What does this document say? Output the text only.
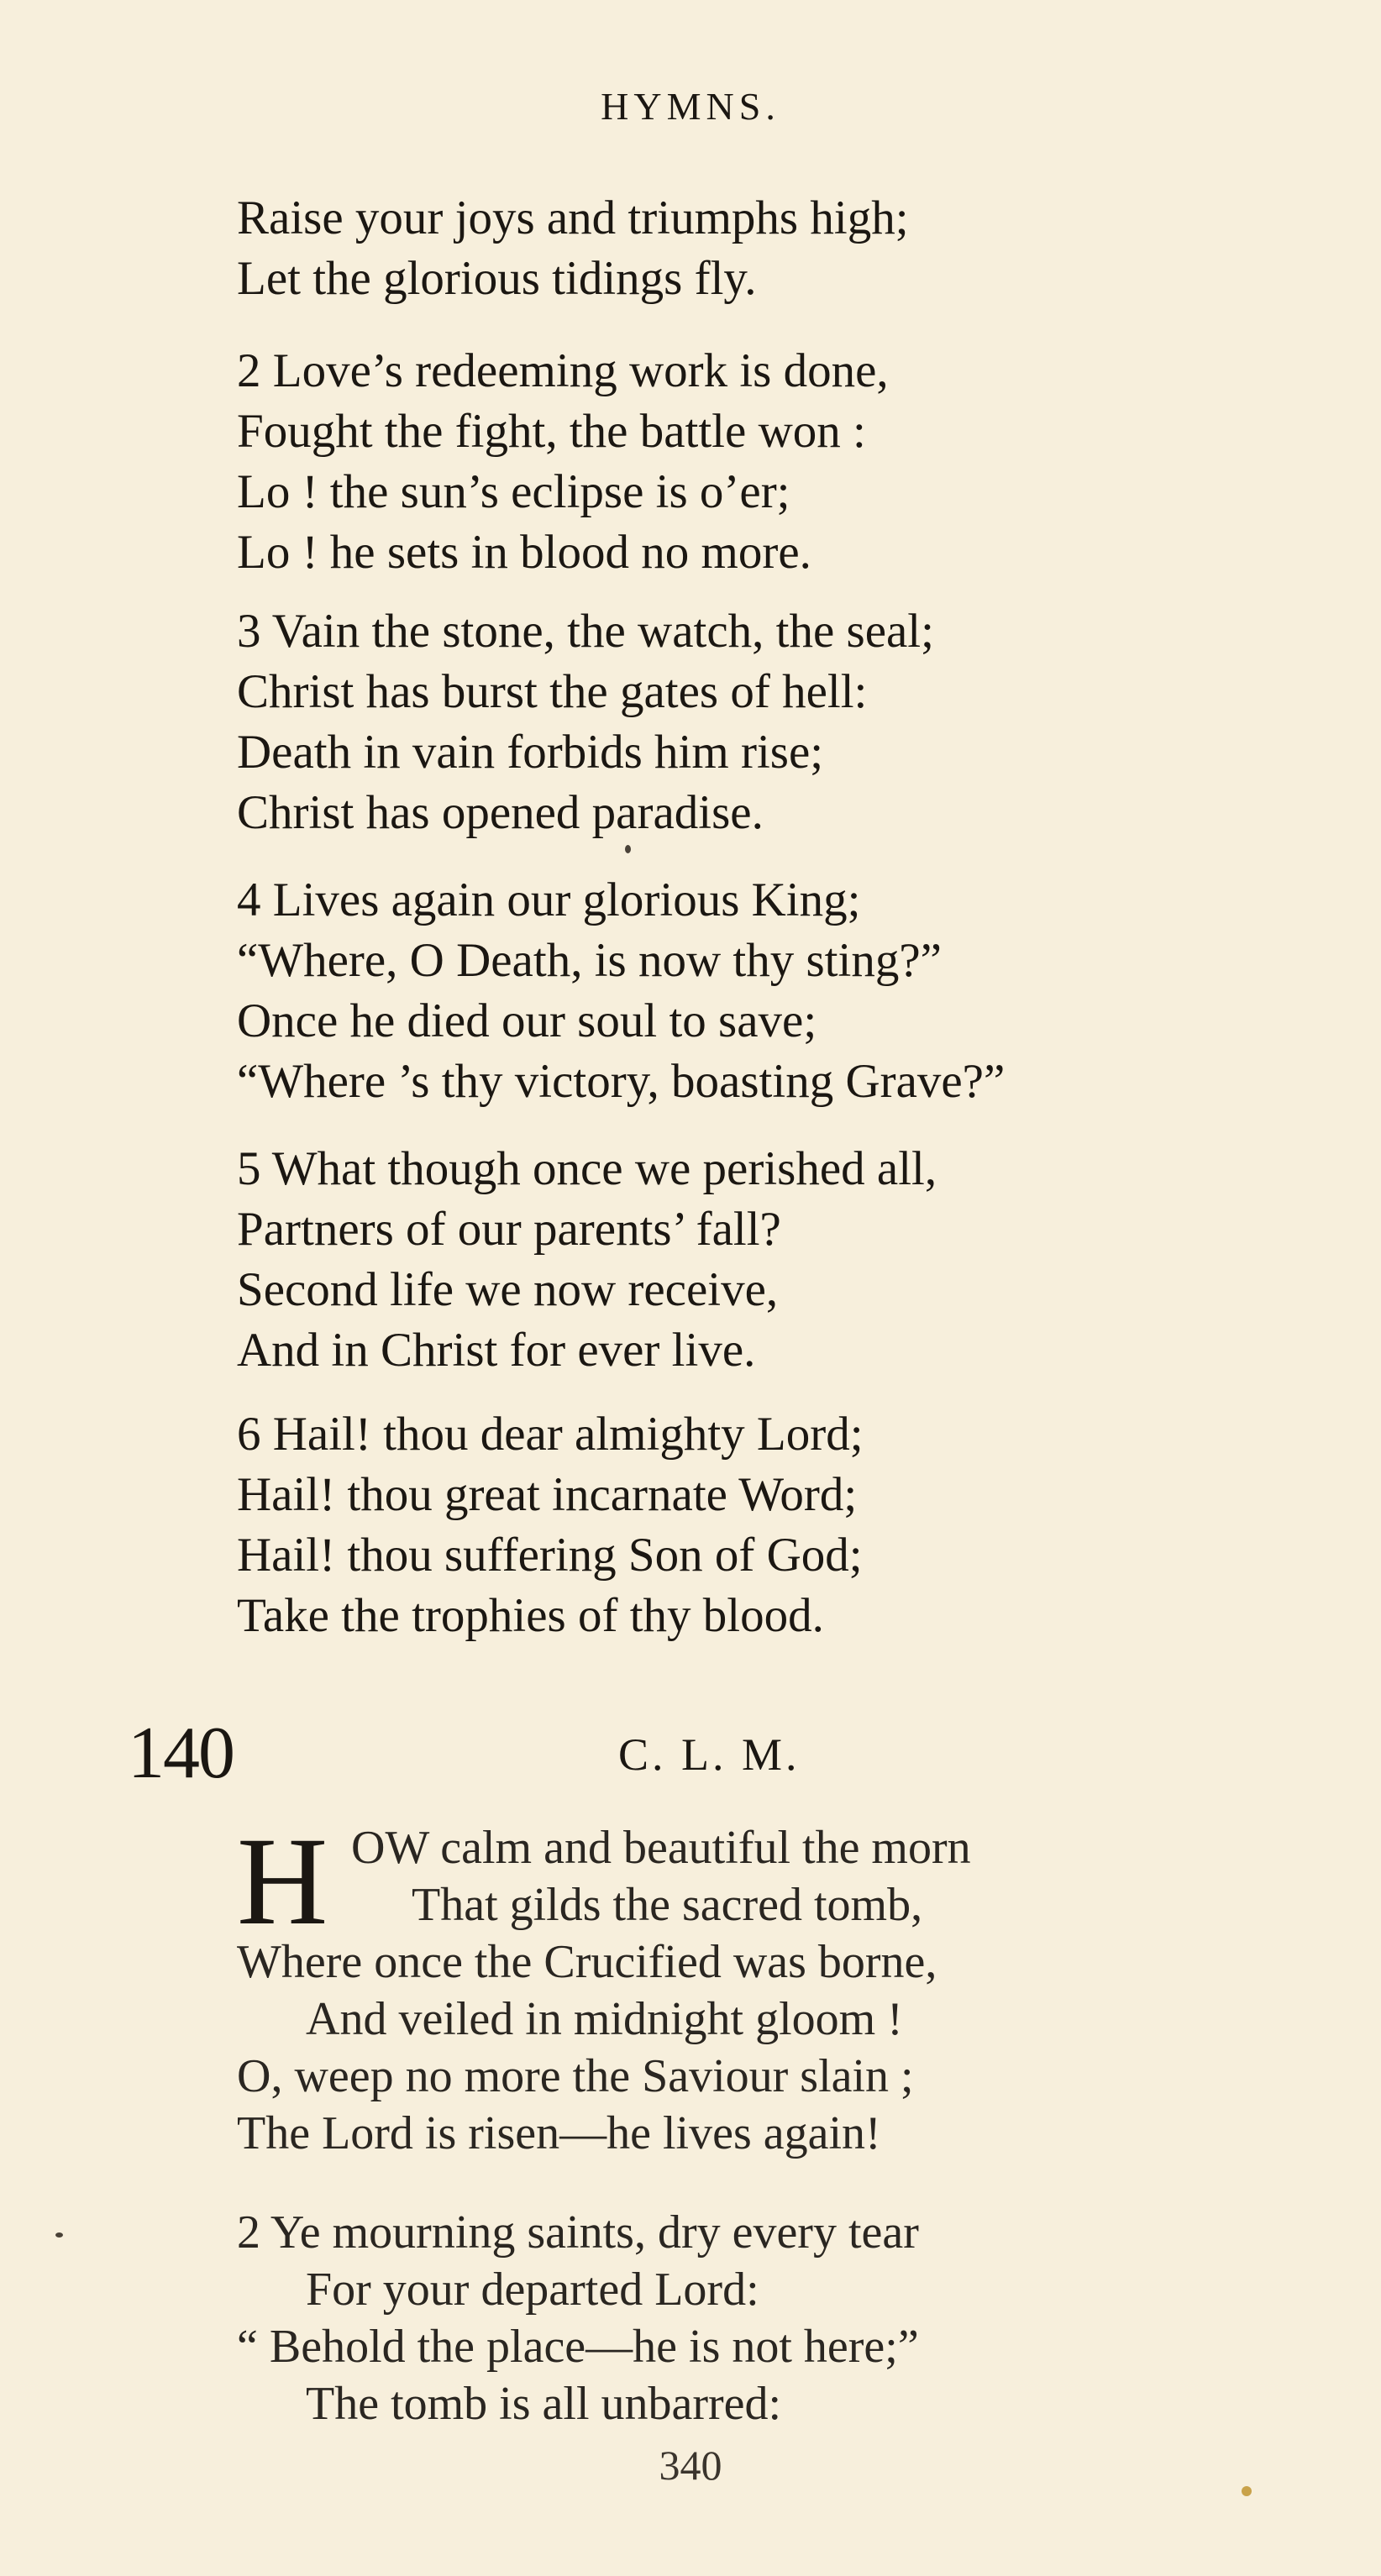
HYMNS.
Raise your joys and triumphs high;
Let the glorious tidings fly.
2 Love’s redeeming work is done,
Fought the fight, the battle won :
Lo ! the sun’s eclipse is o’er;
Lo ! he sets in blood no more.
3 Vain the stone, the watch, the seal;
Christ has burst the gates of hell:
Death in vain forbids him rise;
Christ has opened paradise.
4 Lives again our glorious King;
“Where, O Death, is now thy sting?”
Once he died our soul to save;
“Where ’s thy victory, boasting Grave?”
5 What though once we perished all,
Partners of our parents’ fall?
Second life we now receive,
And in Christ for ever live.
6 Hail! thou dear almighty Lord;
Hail! thou great incarnate Word;
Hail! thou suffering Son of God;
Take the trophies of thy blood.
140	C. L. M.
H OW calm and beautiful the morn
That gilds the sacred tomb,
Where once the Crucified was borne,
And veiled in midnight gloom !
O, weep no more the Saviour slain ;
The Lord is risen—he lives again!
2 Ye mourning saints, dry every tear
For your departed Lord:
“ Behold the place—he is not here;”
The tomb is all unbarred:
340
